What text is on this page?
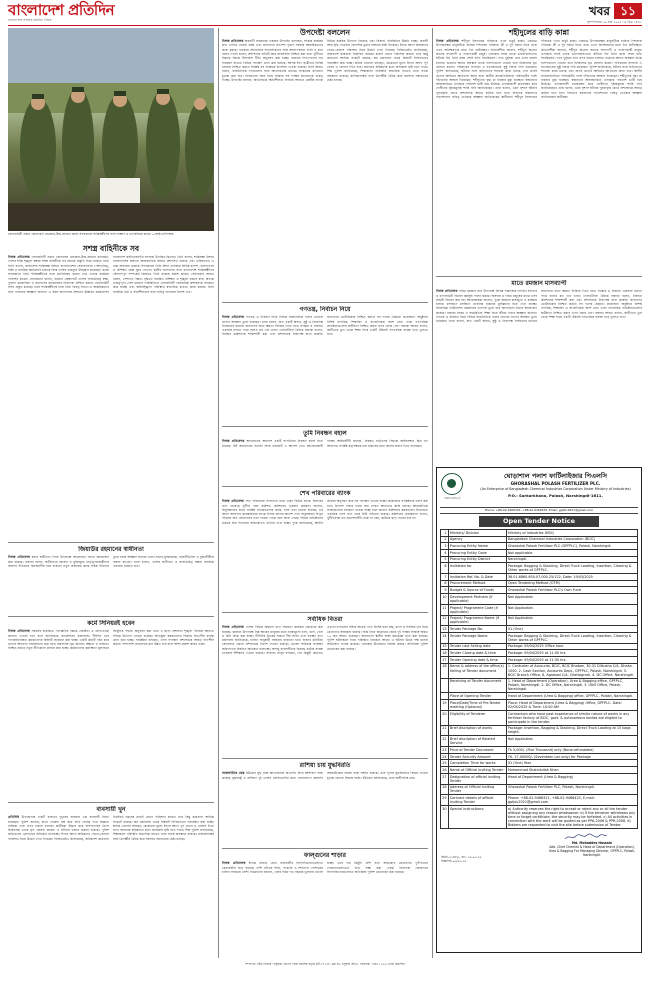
বাংলাদেশ প্রতিদিন
বাংলাদেশের সর্বাধিক প্রচারিত দৈনিক
খবর ১১
বৃহস্পতিবার ২০ মার্চ ২০২৫ ৷ ৬ চৈত্র ১৪৩১
সেনাবাহিনী প্রধান জেনারেল ওয়াকার-উজ-জামান কঙ্গো সফরকালে শান্তিরক্ষীদের সঙ্গে সাক্ষাৎ ও মতবিনিময় করেন —আইএসপিআর
সশস্ত্র বাহিনীকে সব

নিজস্ব প্রতিবেদক সেনাবাহিনী প্রধান জেনারেল ওয়াকার-উজ-জামান বলেছেন, দেশের শান্তি শৃঙ্খলা রক্ষায় সশস্ত্র বাহিনীকে সব ধরনের প্রস্তুতি নিয়ে থাকতে হবে। তিনি বলেন, জাতিসংঘ শান্তিরক্ষা মিশনে বাংলাদেশের সেনাসদস্যরা পেশাদারিত্ব, নিষ্ঠা ও মানবিক আচরণের মাধ্যমে বিশ্বে দেশের ভাবমূর্তি উজ্জ্বল করেছেন। কঙ্গো সফরকালে তিনি শান্তিরক্ষীদের সঙ্গে মতবিনিময় করেন এবং তাদের কার্যক্রম পরিদর্শন করেন। সেনাপ্রধান বলেন, বর্তমান প্রেক্ষাপটে দেশের সার্বভৌমত্ব রক্ষা, দুর্যোগ মোকাবিলা ও জনগণের জানমালের নিরাপত্তা নিশ্চিত করতে সেনাবাহিনী সর্বদা প্রস্তুত রয়েছে। তিনি শান্তিরক্ষীদের নিজ নিজ দায়িত্ব সততা ও আন্তরিকতার সঙ্গে পালনের আহ্বান জানান। এ সময় জাতিসংঘ মিশনের ঊর্ধ্বতন কর্মকর্তাসহ বাংলাদেশ কন্টিনজেন্টের সদস্যরা উপস্থিত ছিলেন। তিনি বলেন, শান্তিরক্ষা মিশনে বাংলাদেশের অবদান আন্তর্জাতিক অঙ্গনে প্রশংসিত হয়েছে এবং ভবিষ্যতেও এ ধারা অব্যাহত থাকবে। সফরকালে তিনি মিশন এলাকার বিভিন্ন ক্যাম্প, হাসপাতাল ও প্রশিক্ষণ কেন্দ্র ঘুরে দেখেন। স্থানীয় জনগণের সঙ্গে বাংলাদেশি শান্তিরক্ষীদের সৌহার্দ্যপূর্ণ সম্পর্কের বিষয়েও তিনি সন্তোষ প্রকাশ করেন। সেনাপ্রধান আরও বলেন, পেশাগত দক্ষতা বৃদ্ধিতে নিয়মিত প্রশিক্ষণ ও শৃঙ্খলা বজায় রাখা অত্যন্ত গুরুত্বপূর্ণ। দেশে চলমান পরিস্থিতিতে সেনাবাহিনী বেসামরিক প্রশাসনকে সহায়তা করে যাচ্ছে এবং আইনশৃঙ্খলা পরিস্থিতি স্বাভাবিক রাখতে কাজ করছে। তিনি সবাইকে ধৈর্য ও সহনশীলতার সঙ্গে দায়িত্ব পালনের নির্দেশ দেন।

জিয়াউর রহমানের স্বাধীনতা

নিজস্ব প্রতিবেদক মহান স্বাধীনতা দিবস উপলক্ষে আলোচনা সভার আয়োজন করা হয়েছে। বক্তারা বলেন, স্বাধীনতার ঘোষণা ও মুক্তিযুদ্ধে নেতৃত্বদানকারীদের অবদান ইতিহাসে চিরস্মরণীয় হয়ে থাকবে। নতুন প্রজন্মের কাছে সঠিক ইতিহাস তুলে ধরার আহ্বান জানান তারা। সভায় মুক্তিযোদ্ধা, রাজনীতিবিদ ও বুদ্ধিজীবীরা বক্তব্য রাখেন। তারা বলেন, দেশের স্বাধীনতা ও সার্বভৌমত্ব রক্ষায় সবাইকে ঐক্যবদ্ধ থাকতে হবে।

কর্মে সিনিয়রই হবেন

নিজস্ব প্রতিবেদক সরকারি চাকরিতে পদোন্নতির ক্ষেত্রে জ্যেষ্ঠতা ও যোগ্যতাকে প্রাধান্য দেওয়া হবে বলে জানিয়েছে জনপ্রশাসন মন্ত্রণালয়। দীর্ঘদিন ধরে পদোন্নতিবঞ্চিত কর্মকর্তাদের বিষয়টি বিবেচনা করা হচ্ছে। একটি কমিটি গঠন করে তাদের আবেদন পর্যালোচনা করা হবে। মন্ত্রণালয় সূত্র জানায়, স্বচ্ছতা ও ন্যায্যতা নিশ্চিত করতে নতুন নীতিমালা প্রণয়ন করা হচ্ছে। কর্মকর্তাদের কর্মদক্ষতা মূল্যায়নে আধুনিক পদ্ধতি অনুসরণ করা হবে। এ ছাড়া প্রশাসনে শৃঙ্খলা ফিরিয়ে আনতে বিভিন্ন উদ্যোগ নেওয়া হয়েছে। অভিযুক্ত কর্মকর্তাদের বিরুদ্ধে বিভাগীয় ব্যবস্থা গ্রহণ করা হচ্ছে। সংশ্লিষ্টরা বলছেন, এসব পদক্ষেপ প্রশাসনকে আরও গতিশীল করবে। পাশাপাশি জনসেবার মান উন্নত হবে বলে আশা প্রকাশ করেন তারা।

ব্যবসায়ী খুন

প্রতিনিধি উপজেলার একটি বাজারে দুর্বৃত্তের হামলায় এক ব্যবসায়ী নিহত হয়েছেন। পুলিশ জানায়, রাতে দোকান বন্ধ করে বাড়ি ফেরার পথে অজ্ঞাত ব্যক্তিরা তার ওপর হামলা চালায়। স্থানীয়রা উদ্ধার করে হাসপাতালে নিলে চিকিৎসক তাকে মৃত ঘোষণা করেন। এ ঘটনায় থানায় মামলা হয়েছে। পুলিশ জড়িতদের গ্রেফতারে অভিযান চালাচ্ছে। ঈদের আগে শ্রমিকদের বেতন-বোনাস পরিশোধ নিয়ে উদ্বেগ দেখা দিয়েছে। বিজিএমইএ জানিয়েছে, অধিকাংশ কারখানা নির্ধারিত সময়ের মধ্যেই বেতন পরিশোধ করবে। তবে কিছু কারখানা আর্থিক সংকটে রয়েছে। শ্রম মন্ত্রণালয় থেকে বিষয়টি নিবিড়ভাবে পর্যবেক্ষণ করা হচ্ছে। শ্রমিক নেতারা বলছেন, যেকোনো মূল্যে ঈদের আগে পূর্ণ বেতন ও বোনাস দিতে হবে। অন্যথায় শ্রমিকদের মধ্যে অসন্তোষ সৃষ্টি হতে পারে। শিল্প পুলিশ জানিয়েছে, শিল্পাঞ্চলে পরিস্থিতি স্বাভাবিক রাখতে তারা সতর্ক অবস্থানে রয়েছে। মালিকপক্ষের সঙ্গে ত্রিপক্ষীয় বৈঠক করে সমস্যার সমাধানের চেষ্টা চলছে।

উপদেষ্টা বললেন

নিজস্ব প্রতিবেদক অন্তর্বর্তী সরকারের একজন উপদেষ্টা বলেছেন, সংস্কার কার্যক্রম দ্রুত এগিয়ে নেওয়া হচ্ছে এবং জনগণের প্রত্যাশা পূরণে সরকার আন্তরিকভাবে কাজ করছে। গতকাল সচিবালয়ে সাংবাদিকদের সঙ্গে আলাপকালে তিনি এ কথা বলেন। তিনি বলেন, প্রশাসনের প্রতিটি স্তরে জবাবদিহি নিশ্চিত করা হবে। দুর্নীতির বিরুদ্ধে জিরো টলারেন্স নীতি অনুসরণ করা হচ্ছে। বাজারে নিত্যপণ্যের দাম নিয়ন্ত্রণে রাখতে বিভিন্ন পদক্ষেপ গ্রহণ করা হয়েছে। আসন্ন ঈদে যাত্রীদের নির্বিঘ্ন চলাচল নিশ্চিত করতে সংশ্লিষ্ট সব সংস্থাকে নির্দেশনা দেওয়া হয়েছে। তিনি আরও বলেন, রাজনৈতিক দলগুলোর সঙ্গে আলোচনার মাধ্যমে সংস্কারের রূপরেখা চূড়ান্ত করা হবে। নির্বাচনের সময় নিয়ে সরকার সব পক্ষের মতামতকে গুরুত্ব দিচ্ছে। উপদেষ্টা জানান, অর্থনৈতিক স্থিতিশীলতা ফিরিয়ে আনতে কেন্দ্রীয় ব্যাংক বিভিন্ন কার্যকর উদ্যোগ নিয়েছে এবং রিজার্ভ পরিস্থিতির উন্নতি হচ্ছে। প্রবাসী আয় বৃদ্ধি পাওয়ায় বৈদেশিক মুদ্রার বাজারে স্বস্তি ফিরেছে। ঈদের আগে শ্রমিকদের বেতন-বোনাস পরিশোধ নিয়ে উদ্বেগ দেখা দিয়েছে। বিজিএমইএ জানিয়েছে, অধিকাংশ কারখানা নির্ধারিত সময়ের মধ্যেই বেতন পরিশোধ করবে। তবে কিছু কারখানা আর্থিক সংকটে রয়েছে। শ্রম মন্ত্রণালয় থেকে বিষয়টি নিবিড়ভাবে পর্যবেক্ষণ করা হচ্ছে। শ্রমিক নেতারা বলছেন, যেকোনো মূল্যে ঈদের আগে পূর্ণ বেতন ও বোনাস দিতে হবে। অন্যথায় শ্রমিকদের মধ্যে অসন্তোষ সৃষ্টি হতে পারে। শিল্প পুলিশ জানিয়েছে, শিল্পাঞ্চলে পরিস্থিতি স্বাভাবিক রাখতে তারা সতর্ক অবস্থানে রয়েছে। মালিকপক্ষের সঙ্গে ত্রিপক্ষীয় বৈঠক করে সমস্যার সমাধানের চেষ্টা চলছে।

গণতন্ত্র, নির্বাচন নিয়ে

নিজস্ব প্রতিবেদক গণতন্ত্র ও নির্বাচন নিয়ে বিভিন্ন রাজনৈতিক দলের নেতারা তাদের অবস্থান তুলে ধরেছেন। তারা বলেন, দ্রুত একটি অবাধ, সুষ্ঠু ও নিরপেক্ষ নির্বাচনের মাধ্যমে জনগণের হাতে ক্ষমতা ফিরিয়ে দিতে হবে। সংস্কার ও নির্বাচন একসঙ্গে চলতে পারে বলেও মত দেন তারা। গোলটেবিল বৈঠকে বক্তারা বলেন, নির্বাচন কমিশনকে শক্তিশালী করা এবং প্রশাসনকে নিরপেক্ষ রাখা জরুরি। জনগণের ভোটাধিকার নিশ্চিত করতে সব দলের ঐকমত্য প্রয়োজন। অনুষ্ঠানে বিশিষ্ট নাগরিক, শিক্ষাবিদ ও সাংবাদিকরা অংশ নেন। তারা গণতান্ত্রিক প্রতিষ্ঠানগুলোর স্বাধীনতা নিশ্চিত করার ওপর জোর দেন। বক্তারা আরও বলেন, অতীতের ভুল থেকে শিক্ষা নিয়ে একটি টেকসই গণতান্ত্রিক ব্যবস্থা গড়ে তুলতে হবে।

তুমি নিবন্ধন বহাল

নিজস্ব প্রতিবেদক আদালতের আদেশে একটি সংগঠনের নিবন্ধন বহাল রাখা হয়েছে। রিট আবেদনের শুনানি শেষে হাইকোর্ট এ আদেশ দেন। আবেদনকারী পক্ষের আইনজীবী জানান, নিবন্ধন বাতিলের সিদ্ধান্ত আইনসম্মত ছিল না। আদালত সংশ্লিষ্ট কর্তৃপক্ষকে চার সপ্তাহের মধ্যে রুলের জবাব দিতে বলেছেন।

শেখ পরিবারের ব্যাংক

নিজস্ব প্রতিবেদক শেখ পরিবারের সদস্যদের নামে থাকা বিভিন্ন ব্যাংক হিসাবের তথ্য চেয়েছে দুর্নীতি দমন কমিশন। কমিশনের একজন কর্মকর্তা জানান, অনুসন্ধানের স্বার্থে সংশ্লিষ্ট ব্যাংকগুলোর কাছে এসব তথ্য চাওয়া হয়েছে। এর আগে আদালত কয়েকজনের ব্যাংক হিসাব জব্দের আদেশ দেন। অনুসন্ধানে বিপুল পরিমাণ অর্থ লেনদেনের তথ্য পাওয়া গেছে বলে জানা গেছে। বিভিন্ন প্রতিষ্ঠানের মাধ্যমে অর্থ পাচারের অভিযোগও খতিয়ে দেখা হচ্ছে। দুদক জানিয়েছে, আইনি প্রক্রিয়া অনুসরণ করে সব পদক্ষেপ নেওয়া হচ্ছে। প্রয়োজনে সংশ্লিষ্টদের তলব করা হবে। বিদেশে পাচার হওয়া অর্থ ফেরত আনতেও কাজ চলছে। আন্তর্জাতিক সংস্থাগুলোর সহায়তা নেওয়া হচ্ছে বলে জানান কমিশনের কর্মকর্তারা। ইতোমধ্যে একাধিক দেশে তথ্য চেয়ে চিঠি পাঠানো হয়েছে। কমিশনের চেয়ারম্যান বলেন, দুর্নীতিবাজ যত প্রভাবশালীই হোক না কেন, কাউকে ছাড় দেওয়া হবে না।

সর্বাধিক বিতরা

নিজস্ব প্রতিবেদক দেশের বিভিন্ন অঞ্চলে খাদ্য সহায়তা কার্যক্রম জোরদার করা হয়েছে। রমজান উপলক্ষে নিম্ন আয়ের মানুষের মধ্যে ন্যায্যমূল্যে চাল, ডাল, তেল ও চিনি বিক্রি করা হচ্ছে। টিসিবির ট্রাকের সামনে দীর্ঘ লাইন দেখা যাচ্ছে। খাদ্য মন্ত্রণালয় জানিয়েছে, চাহিদা অনুযায়ী সরবরাহ বাড়ানো হবে। বাজার মনিটরিং জোরদারে জেলা প্রশাসনকে নির্দেশ দেওয়া হয়েছে। ভোক্তা অধিকার সংরক্ষণ অধিদফতর নিয়মিত অভিযান চালাচ্ছে। অসাধু ব্যবসায়ীদের বিরুদ্ধে কঠোর ব্যবস্থা নেওয়ার হুঁশিয়ারি দেওয়া হয়েছে। সাধারণ মানুষ বলছেন, দাম কিছুটা কমলেও এখনো নাগালের বাইরে অনেক পণ্য। বিশেষ করে মাছ, মাংস ও সবজির দাম নিয়ে ক্রেতাদের অসন্তোষ রয়েছে। জমি নিয়ে বিরোধের জেরে দুই পক্ষের সংঘর্ষে অন্তত ১০ জন আহত হয়েছেন। আহতদের স্থানীয় স্বাস্থ্য কমপ্লেক্সে ভর্তি করা হয়েছে। পুলিশ ঘটনাস্থলে গিয়ে পরিস্থিতি নিয়ন্ত্রণে আনে। এ ঘটনায় উভয় পক্ষ থানায় অভিযোগ দায়ের করেছে। এলাকায় উত্তেজনা বিরাজ করছে। অতিরিক্ত পুলিশ মোতায়েন করা হয়েছে।

রাশিয়া চায় যুদ্ধবিরতি

আন্তর্জাতিক ডেস্ক ইউক্রেন যুদ্ধ বন্ধে আলোচনার অগ্রগতি নিয়ে আশাবাদ ব্যক্ত করেছে যুক্তরাষ্ট্র ও রাশিয়া। দুই দেশের প্রেসিডেন্টের মধ্যে ফোনালাপে জ্বালানি অবকাঠামোয় হামলা বন্ধে সম্মতি হয়েছে। তবে পূর্ণাঙ্গ যুদ্ধবিরতির বিষয়ে এখনো চূড়ান্ত কোনো সিদ্ধান্ত হয়নি। ইউক্রেন জানিয়েছে, তারা স্থায়ী শান্তি চায়।

ফাল্গুনের শাড়ার

নিজস্ব প্রতিবেদক ঈদকে সামনে রেখে রাজধানীর বিপণিবিতানগুলোতে কেনাকাটার ভিড় বাড়ছে। দেশি তাঁতের শাড়ি, পাঞ্জাবি ও শিশুদের পোশাকের চাহিদা সবচেয়ে বেশি। বিক্রেতারা জানান, এবার বিক্রি গত বছরের তুলনায় ভালো হচ্ছে। তবে দাম কিছুটা বেশি বলে অভিযোগ ক্রেতাদের। ফুটপাতের দোকানগুলোতেও ভিড় লক্ষ্য করা গেছে। নিরাপত্তা জোরদারে বিপণিবিতানগুলোতে অতিরিক্ত পুলিশ মোতায়েন করা হয়েছে।

শহীদুলের বাড়ি কান্না

নিজস্ব প্রতিবেদক শহীদুল ইসলামের পরিবারে এখন শুধুই কান্না। একমাত্র উপার্জনক্ষম মানুষটিকে হারিয়ে দিশাহারা পরিবার। স্ত্রী ও দুই সন্তান নিয়ে তারা এখন অনিশ্চয়তার মধ্যে দিন কাটাচ্ছেন। প্রতিবেশীরা জানান, শহীদুল ছিলেন অত্যন্ত সদালাপী ও পরোপকারী মানুষ। এলাকার সবাই তাকে ভালোবাসতেন। ঘটনার দিন তিনি কাজ শেষে বাড়ি ফিরছিলেন। পথে দুর্বৃত্তরা তার ওপর হামলা চালায়। গুরুতর আহত অবস্থায় তাকে হাসপাতালে নেওয়া হলে চিকিৎসক মৃত ঘোষণা করেন। পরিবারের সদস্যরা এ হত্যাকাণ্ডের সুষ্ঠু বিচার দাবি করেছেন। পুলিশ জানিয়েছে, ঘটনার সঙ্গে জড়িতদের শনাক্তে কাজ চলছে এবং দ্রুতই তাদের আইনের আওতায় আনা হবে। স্থানীয় জনপ্রতিনিধিরা পরিবারটির পাশে দাঁড়ানোর আশ্বাস দিয়েছেন। শহীদুলের বৃদ্ধা মা বারবার মূর্ছা যাচ্ছেন। স্বজনদের আহাজারিতে এলাকার পরিবেশ ভারী হয়ে উঠেছে। এলাকাবাসী মানববন্ধন করে দোষীদের দৃষ্টান্তমূলক শাস্তি দাবি জানিয়েছেন। তারা বলেন, এমন নৃশংস ঘটনার পুনরাবৃত্তি রোধে প্রশাসনকে আরও কঠোর হতে হবে। নিহতের সন্তানদের পড়াশোনার দায়িত্ব নেওয়ার আহ্বান জানিয়েছেন স্থানীয়রা। শহীদুল ইসলামের পরিবারে এখন শুধুই কান্না। একমাত্র উপার্জনক্ষম মানুষটিকে হারিয়ে দিশাহারা পরিবার। স্ত্রী ও দুই সন্তান নিয়ে তারা এখন অনিশ্চয়তার মধ্যে দিন কাটাচ্ছেন। প্রতিবেশীরা জানান, শহীদুল ছিলেন অত্যন্ত সদালাপী ও পরোপকারী মানুষ। এলাকার সবাই তাকে ভালোবাসতেন। ঘটনার দিন তিনি কাজ শেষে বাড়ি ফিরছিলেন। পথে দুর্বৃত্তরা তার ওপর হামলা চালায়। গুরুতর আহত অবস্থায় তাকে হাসপাতালে নেওয়া হলে চিকিৎসক মৃত ঘোষণা করেন। পরিবারের সদস্যরা এ হত্যাকাণ্ডের সুষ্ঠু বিচার দাবি করেছেন। পুলিশ জানিয়েছে, ঘটনার সঙ্গে জড়িতদের শনাক্তে কাজ চলছে এবং দ্রুতই তাদের আইনের আওতায় আনা হবে। স্থানীয় জনপ্রতিনিধিরা পরিবারটির পাশে দাঁড়ানোর আশ্বাস দিয়েছেন। শহীদুলের বৃদ্ধা মা বারবার মূর্ছা যাচ্ছেন। স্বজনদের আহাজারিতে এলাকার পরিবেশ ভারী হয়ে উঠেছে। এলাকাবাসী মানববন্ধন করে দোষীদের দৃষ্টান্তমূলক শাস্তি দাবি জানিয়েছেন। তারা বলেন, এমন নৃশংস ঘটনার পুনরাবৃত্তি রোধে প্রশাসনকে আরও কঠোর হতে হবে। নিহতের সন্তানদের পড়াশোনার দায়িত্ব নেওয়ার আহ্বান জানিয়েছেন স্থানীয়রা।

মাতে রমজান মাসব্যাপী

নিজস্ব প্রতিবেদক পবিত্র রমজান মাস উপলক্ষে বিভিন্ন সামাজিক সংগঠন ইফতার ও খাদ্যসামগ্রী বিতরণ কর্মসূচি পালন করছে। অসহায় ও দরিদ্র মানুষের মাঝে এসব সামগ্রী বিতরণ করা হয়। আয়োজকরা জানান, পুরো রমজান মাসজুড়ে এ কার্যক্রম চলবে। মসজিদে মসজিদে তারাবির নামাজে মুসল্লিদের ভিড় দেখা যাচ্ছে। ইসলামিক ফাউন্ডেশন রমজানের তাৎপর্য তুলে ধরে আলোচনা সভার আয়োজন করেছে। বক্তারা সংযম ও সহমর্মিতার শিক্ষা নিয়ে জীবন গড়ার আহ্বান জানান। গণতন্ত্র ও নির্বাচন নিয়ে বিভিন্ন রাজনৈতিক দলের নেতারা তাদের অবস্থান তুলে ধরেছেন। তারা বলেন, দ্রুত একটি অবাধ, সুষ্ঠু ও নিরপেক্ষ নির্বাচনের মাধ্যমে জনগণের হাতে ক্ষমতা ফিরিয়ে দিতে হবে। সংস্কার ও নির্বাচন একসঙ্গে চলতে পারে বলেও মত দেন তারা। গোলটেবিল বৈঠকে বক্তারা বলেন, নির্বাচন কমিশনকে শক্তিশালী করা এবং প্রশাসনকে নিরপেক্ষ রাখা জরুরি। জনগণের ভোটাধিকার নিশ্চিত করতে সব দলের ঐকমত্য প্রয়োজন। অনুষ্ঠানে বিশিষ্ট নাগরিক, শিক্ষাবিদ ও সাংবাদিকরা অংশ নেন। তারা গণতান্ত্রিক প্রতিষ্ঠানগুলোর স্বাধীনতা নিশ্চিত করার ওপর জোর দেন। বক্তারা আরও বলেন, অতীতের ভুল থেকে শিক্ষা নিয়ে একটি টেকসই গণতান্ত্রিক ব্যবস্থা গড়ে তুলতে হবে।

জিপিএফপিএল
ঘোড়াশাল পলাশ ফার্টিলাইজার পিএলসি
GHORASHAL POLASH FERTILIZER PLC.
(An Enterprise of Bangladesh Chemical Industries Corporation Under Ministry of Industries)
P.O.: Sarkarkhana, Polash, Narshingdi-1611.
Phone: +88-02-9466301, +88-02-9466425, Email: gpfplc2021@gmail.com
Open Tender Notice
1	Ministry/ Division	Ministry of Industries (MOI)
2	Agency	Bangladesh Chemical Industries Corporation (BCIC)
3	Procuring Entity Name	Ghorashal Polash Fertilizer PLC (GPFPLC), Polash, Narshingdi.
4	Procuring Entity Code	Not applicable.
5	Procuring Entity District	Narshingdi.
6	Invitation for	Package: Bagging & Stacking, Direct Truck Loading, Insertion, Clearing & Other works of GPFPLC.
7	Invitation Ref. No. & Date	36.01.6860.650.07.000.25/122, Date: 19/03/2025
8	Procurement Method	Open Tendering Method (OTM)
9	Budget & Source of Funds	Ghorashal Polash Fertilizer PLC's Own Fund
10	Development Partners (if applicable)	Not Applicable.
11	Project/ Programme Code (if applicable)	Not Applicable.
12	Project/ Programme Name (if applicable)	Not Applicable.
13	Tender Package No.	01 (One)
14	Tender Package Name	Package: Bagging & Stacking, Direct Truck Loading, Insertion, Clearing & Other works of GPFPLC.
15	Tender Last Selling date	Package: 09/04/2025 Office hour.
16	Tender Closing date & time	Package: 09/04/2025 at 11:00 hrs.
17	Tender Opening date & time	Package: 09/04/2025 at 11:30 hrs.
18	Name & address of the office(s) Selling of Tender document	1. Controller of Accounts, BCIC, BCIC Bhaban, 30-31 Dilkusha C/A, Dhaka-1000. 2. Cash Section, Accounts Dept., GPFPLC, Polash, Narshingdi. 3. BCIC Branch Office, 6, Agrabad C/A, Chattogram. 4. DC Office, Narshingdi.
	Receiving of Tender document	1. Head of Department (Operation), Urea & Bagging office, GPFPLC, Polash, Narshingdi. 2. DC Office, Narshingdi. 3. UNO Office, Polash, Narshingdi.
	Place of Opening Tender	Head of Department (Urea & Bagging) office, GPFPLC, Polash, Narshingdi.
19	Place/Date/Time of Pre-Tender meeting (Optional)	Place: Head of Department (Urea & Bagging) Office, GPFPLC. Date: 02/04/2025 & Time: 10:00 AM
20	Eligibility of Tenderer	Contractors who have past experience of similar nature of works in any fertilizer factory of BCIC, govt. & autonomous bodies are eligible to participate in the tender.
21	Brief discription of works	Package: Insertion, Bagging & Stacking, Direct Truck Loading at 15 bags height.
22	Brief discription of Related Service	Not Applicable.
23	Price of Tender Document	Tk 5,000/- (Five Thousand) only (None-refundable)
24	Tender Security Amount	TK. 17,00000/- (Seventeen Lac only) for Package
25	Completion Time for works	01 (One) Year
26	Name of Official Inviting Tender	Mohammad Shahidullah Khan
27	Designation of official inviting Tender	Head of Department (Urea & Bagging)
28	Address of Official Inviting Tender	Ghorashal Polash Fertilizer PLC, Polash, Narshingdi.
29	Contract details of official Inviting Tender	Phone: +88-02-9466321, +88-02-9466425, E-mail: gpfplc2021@gmail.com
30	Special Instructions:	a) Authority reserves the right to accept or reject any or all the tender without assigning any reason whatsoever. b) If the tenderer withdraws any time or forget certificate, the security may be forfeited. c) All activities in connection with the work will be guided as per PPA-2006 & PPR-2008. d) Bidders are requested to visit the site before submission of Tender.
Md. Mohaddes Hossain
Add. Chief Chemist & Head of Department (Operation), Urea & Bagging For Managing Director, GPFPLC, Polash, Narshingdi.
জিডি-২১৪৮৯, তাং- ১৯.০৩.২৫
বিজ্ঞাপন-০৩/০৩-২৫
সম্পাদক: নঈম নিজাম ৷ বসুন্ধরা গ্রুপের পক্ষে প্রকাশক কর্তৃক প্লট-৩৭১/এ, ব্লক-ডি, বসুন্ধরা আ/এ, বারিধারা, ঢাকা-১২২৯ থেকে প্রকাশিত
